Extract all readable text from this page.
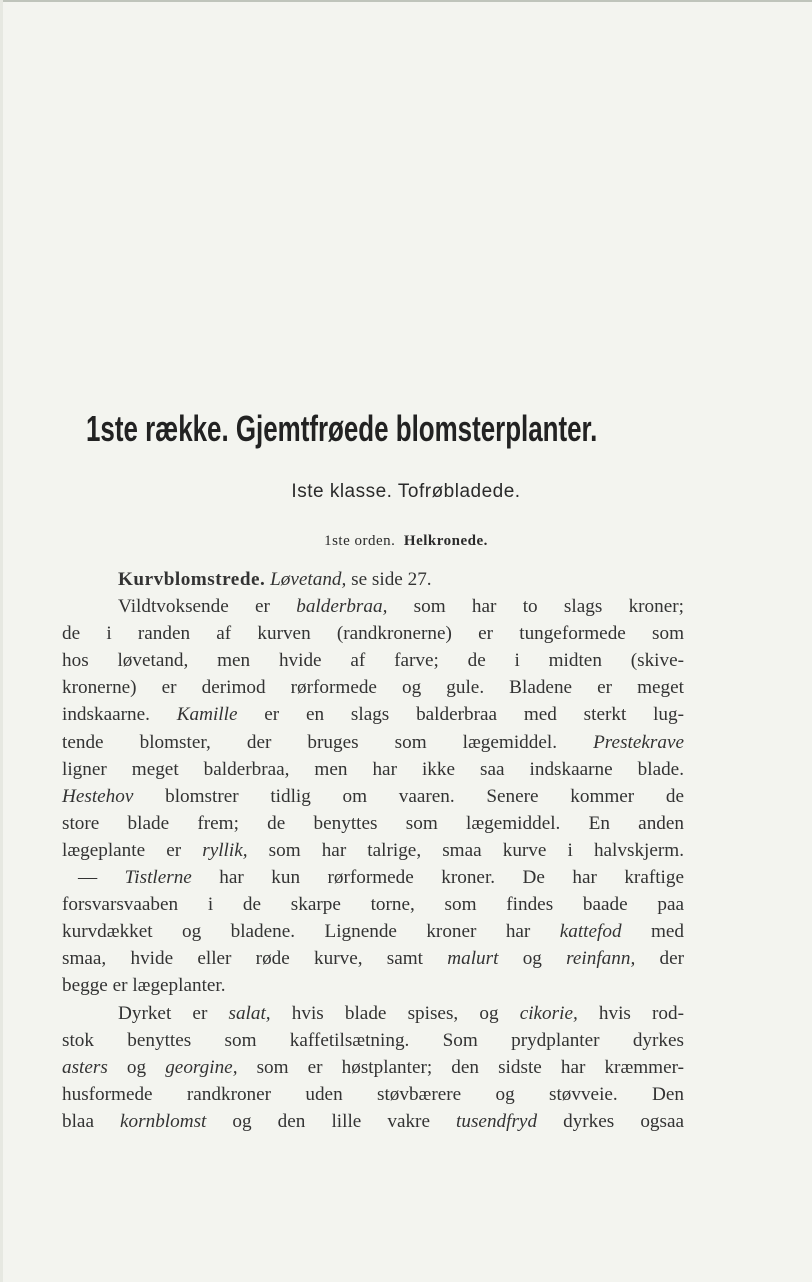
1ste række. Gjemtfrøede blomsterplanter.
Iste klasse. Tofrøbladede.
1ste orden. Helkronede.
Kurvblomstrede. Løvetand, se side 27.
Vildtvoksende er balderbraa, som har to slags kroner;
de i randen af kurven (randkronerne) er tungeformede som
hos løvetand, men hvide af farve; de i midten (skive-
kronerne) er derimod rørformede og gule. Bladene er meget
indskaarne. Kamille er en slags balderbraa med sterkt lug-
tende blomster, der bruges som lægemiddel. Prestekrave
ligner meget balderbraa, men har ikke saa indskaarne blade.
Hestehov blomstrer tidlig om vaaren. Senere kommer de
store blade frem; de benyttes som lægemiddel. En anden
lægeplante er ryllik, som har talrige, smaa kurve i halvskjerm.
— Tistlerne har kun rørformede kroner. De har kraftige
forsvarsvaaben i de skarpe torne, som findes baade paa
kurvdækket og bladene. Lignende kroner har kattefod med
smaa, hvide eller røde kurve, samt malurt og reinfann, der
begge er lægeplanter.
Dyrket er salat, hvis blade spises, og cikorie, hvis rod-
stok benyttes som kaffetilsætning. Som prydplanter dyrkes
asters og georgine, som er høstplanter; den sidste har kræmmer-
husformede randkroner uden støvbærere og støvveie. Den
blaa kornblomst og den lille vakre tusendfryd dyrkes ogsaa
